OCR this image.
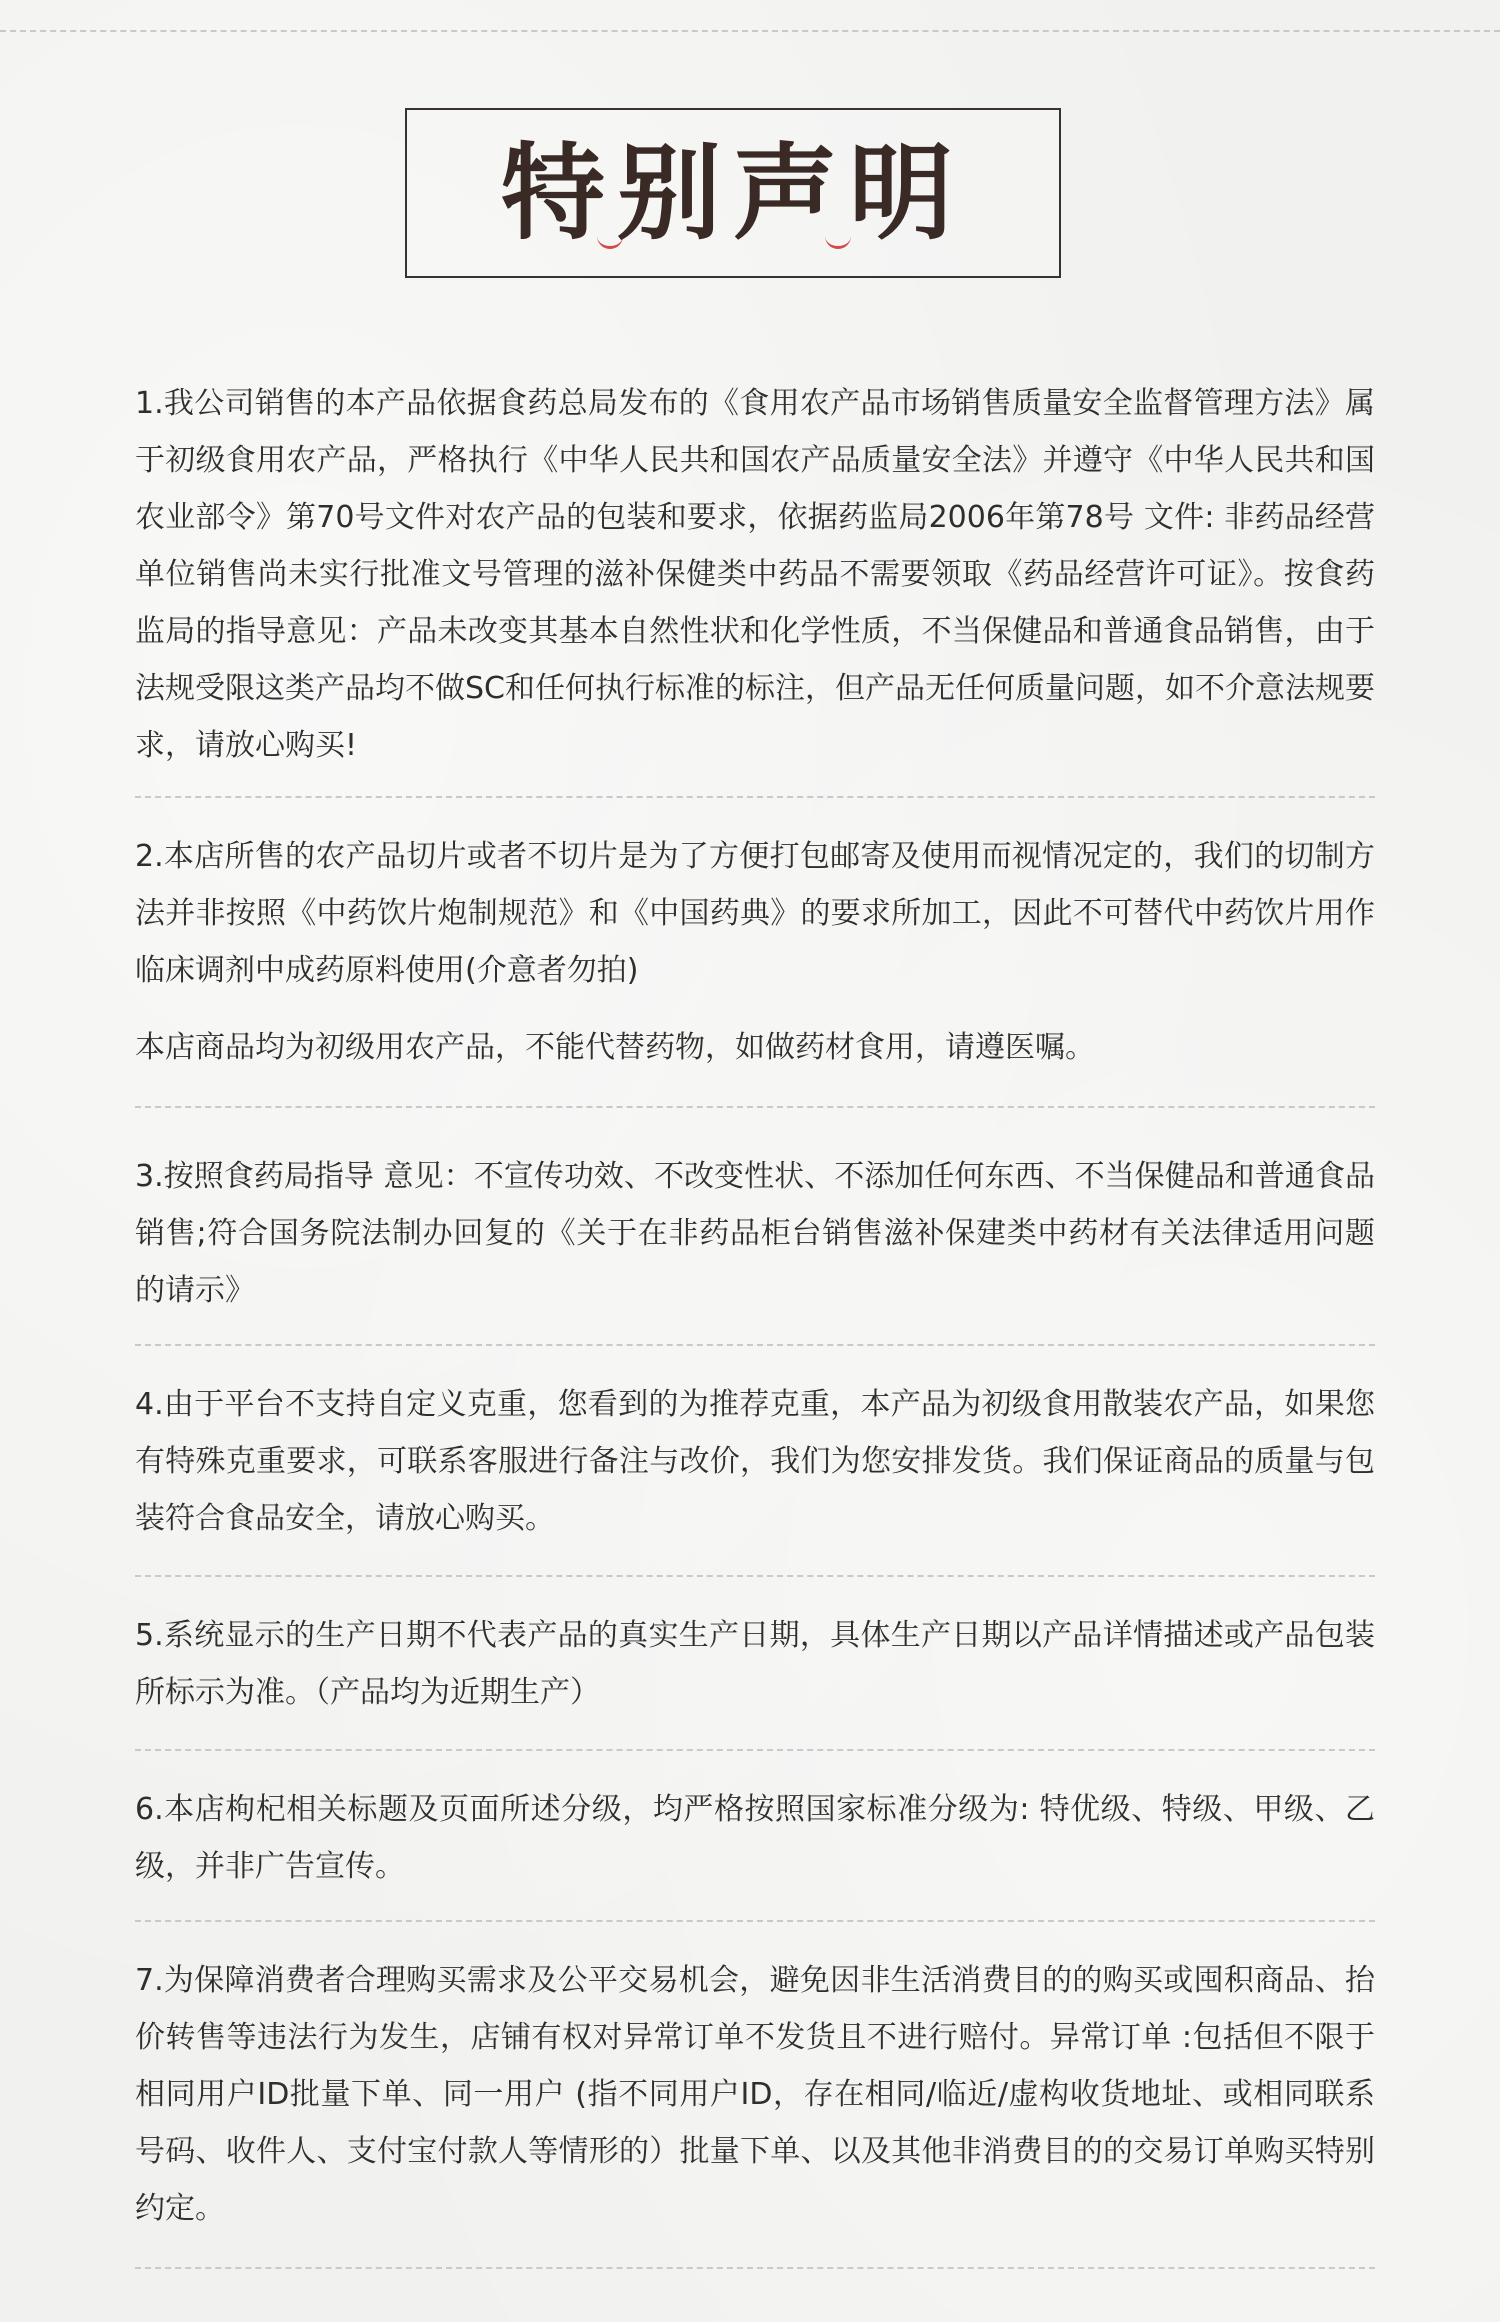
特别声明

1.我公司销售的本产品依据食药总局发布的《食用农产品市场销售质量安全监督管理方法》属于初级食用农产品，严格执行《中华人民共和国农产品质量安全法》并遵守《中华人民共和国农业部令》第70号文件对农产品的包装和要求，依据药监局2006年第78号 文件: 非药品经营单位销售尚未实行批准文号管理的滋补保健类中药品不需要领取《药品经营许可证》。按食药监局的指导意见：产品未改变其基本自然性状和化学性质，不当保健品和普通食品销售，由于法规受限这类产品均不做SC和任何执行标准的标注，但产品无任何质量问题，如不介意法规要求，请放心购买!

2.本店所售的农产品切片或者不切片是为了方便打包邮寄及使用而视情况定的，我们的切制方法并非按照《中药饮片炮制规范》和《中国药典》的要求所加工，因此不可替代中药饮片用作临床调剂中成药原料使用(介意者勿拍)

本店商品均为初级用农产品，不能代替药物，如做药材食用，请遵医嘱。

3.按照食药局指导 意见：不宣传功效、不改变性状、不添加任何东西、不当保健品和普通食品销售;符合国务院法制办回复的《关于在非药品柜台销售滋补保建类中药材有关法律适用问题的请示》

4.由于平台不支持自定义克重，您看到的为推荐克重，本产品为初级食用散装农产品，如果您有特殊克重要求，可联系客服进行备注与改价，我们为您安排发货。我们保证商品的质量与包装符合食品安全，请放心购买。

5.系统显示的生产日期不代表产品的真实生产日期，具体生产日期以产品详情描述或产品包装所标示为准。（产品均为近期生产）

6.本店枸杞相关标题及页面所述分级，均严格按照国家标准分级为: 特优级、特级、甲级、乙级，并非广告宣传。

7.为保障消费者合理购买需求及公平交易机会，避免因非生活消费目的的购买或囤积商品、抬价转售等违法行为发生，店铺有权对异常订单不发货且不进行赔付。异常订单 :包括但不限于相同用户ID批量下单、同一用户 (指不同用户ID，存在相同/临近/虚构收货地址、或相同联系号码、收件人、支付宝付款人等情形的）批量下单、以及其他非消费目的的交易订单购买特别约定。
